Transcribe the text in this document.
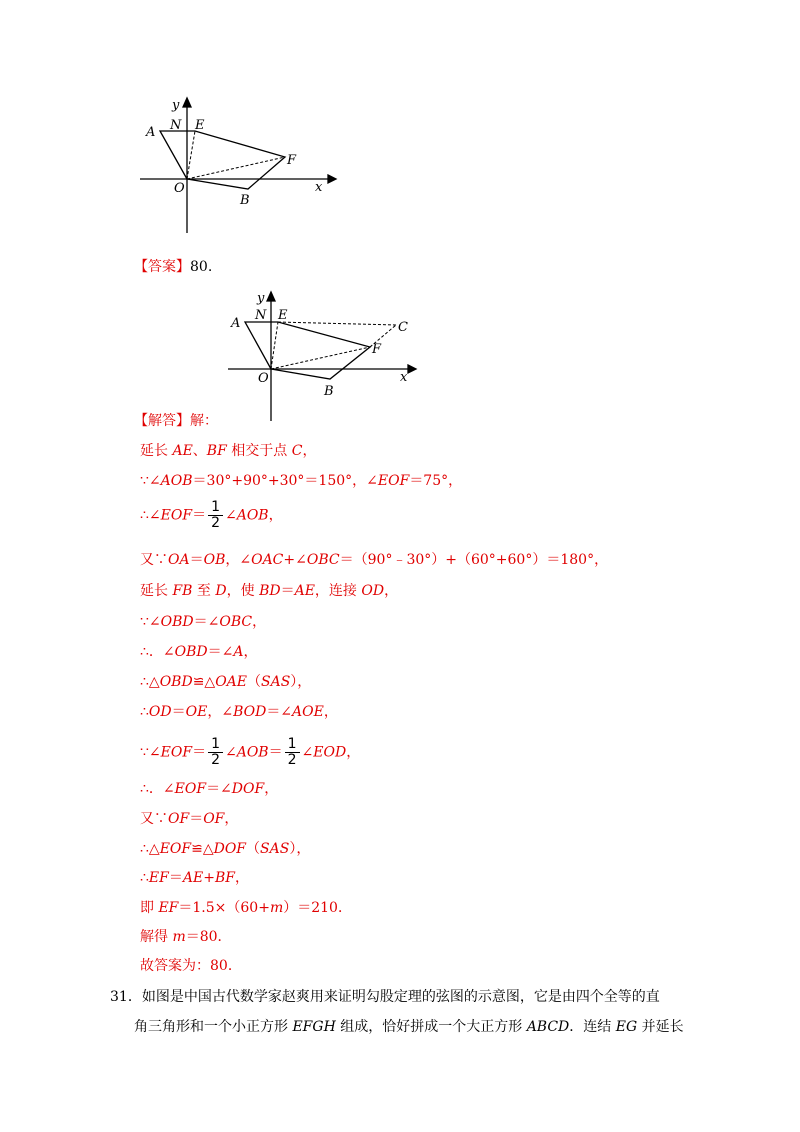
y
A N E
F
O
B
x
【答案】80.
y
A
N E
C
F
O
B
x
【解答】解：
延长 AE、BF 相交于点 C，
∵∠AOB＝30°+90°+30°＝150°，∠EOF＝75°，
∴∠EOF＝ $\frac{1}{2}$ ∠AOB，
又∵OA＝OB，∠OAC+∠OBC＝（90°﹣30°）+（60°+60°）＝180°，
延长 FB 至 D，使 BD＝AE，连接 OD，
∵∠OBD＝∠OBC，
∴．∠OBD＝∠A，
∴△OBD≌△OAE（SAS），
∴OD＝OE，∠BOD＝∠AOE，
∵∠EOF＝ $\frac{1}{2}$ ∠AOB＝ $\frac{1}{2}$ ∠EOD，
∴．∠EOF＝∠DOF，
又∵OF＝OF，
∴△EOF≌△DOF（SAS），
∴EF＝AE+BF，
即 EF＝1.5×（60+m）＝210．
解得 m＝80．
故答案为：80．
31．如图是中国古代数学家赵爽用来证明勾股定理的弦图的示意图，它是由四个全等的直
角三角形和一个小正方形 EFGH 组成，恰好拼成一个大正方形 ABCD．连结 EG 并延长
